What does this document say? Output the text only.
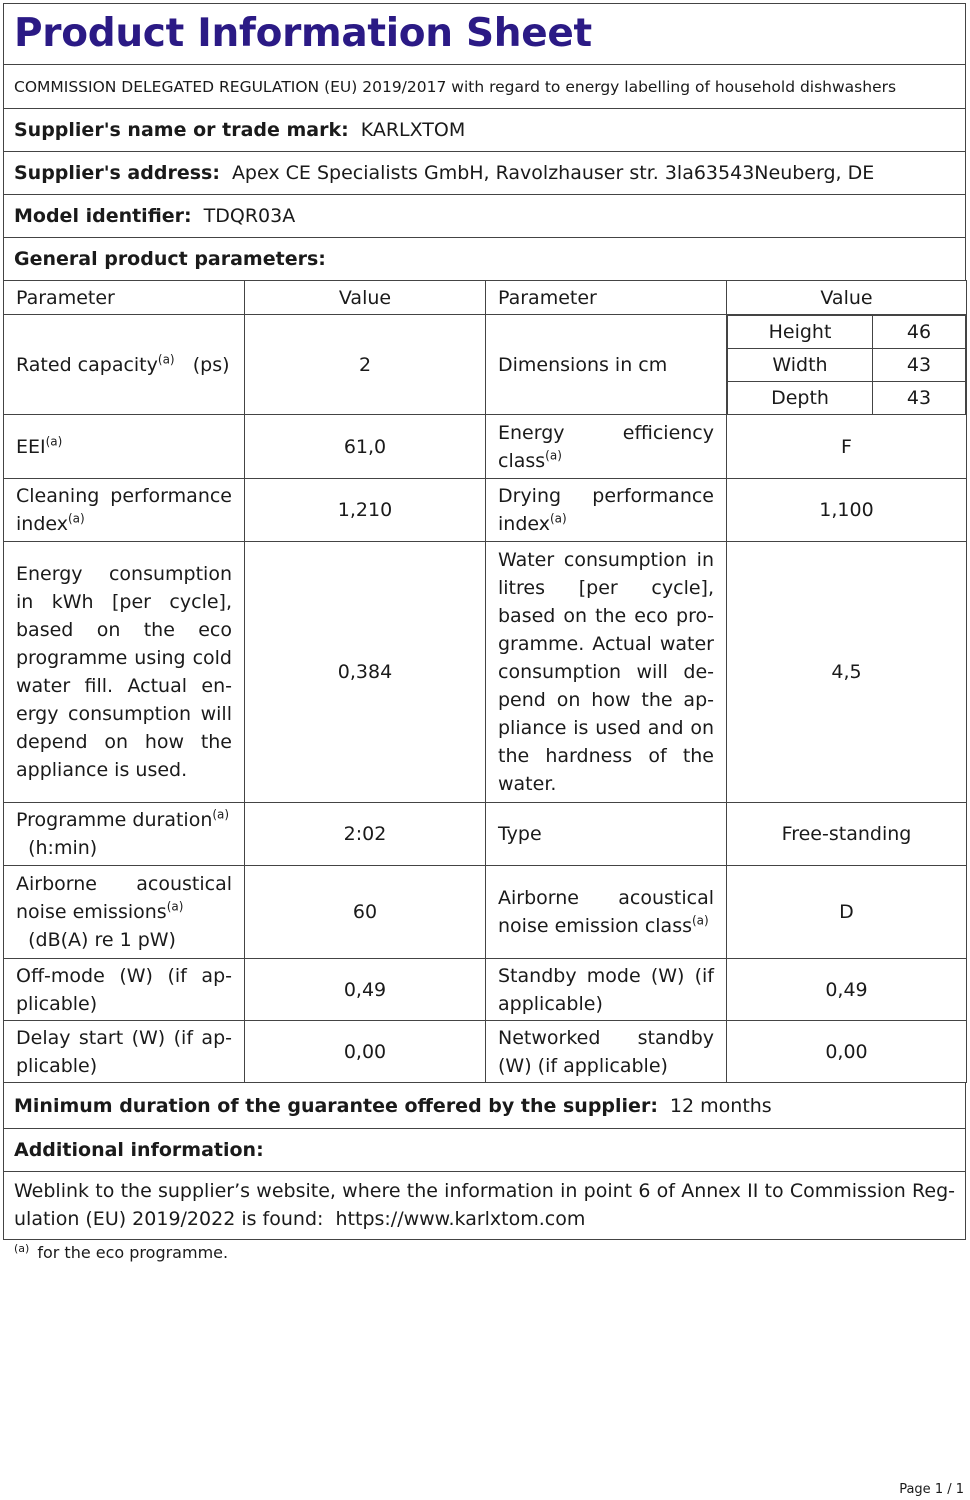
Product Information Sheet
COMMISSION DELEGATED REGULATION (EU) 2019/2017 with regard to energy labelling of household dishwashers
Supplier's name or trade mark: KARLXTOM
Supplier's address: Apex CE Specialists GmbH, Ravolzhauser str. 3la63543Neuberg, DE
Model identifier: TDQR03A
General product parameters:
Parameter	Value	Parameter	Value
Rated capacity$^{(a)}$ (ps)	2	Dimensions in cm	
Height	46
Width	43
Depth	43

EEI$^{(a)}$	61,0	Energy efficiency class$^{(a)}$	F
Cleaning performance index$^{(a)}$	1,210	Drying performance index$^{(a)}$	1,100
Energy consumption in kWh [per cycle], based on the eco programme using cold water fill. Actual energy consumption will depend on how the appliance is used.	0,384	Water consumption in litres [per cycle], based on the eco programme. Actual water consumption will depend on how the appliance is used and on the hardness of the water.	4,5
Programme duration$^{(a)}$
(h:min)	2:02	Type	Free-standing
Airborne acoustical noise emissions$^{(a)}$
(dB(A) re 1 pW)	60	Airborne acoustical noise emission class$^{(a)}$	D
Off-mode (W) (if applicable)	0,49	Standby mode (W) (if applicable)	0,49
Delay start (W) (if applicable)	0,00	Networked standby (W) (if applicable)	0,00
Minimum duration of the guarantee offered by the supplier: 12 months
Additional information:
Weblink to the supplier’s website, where the information in point 6 of Annex II to Commission Regulation (EU) 2019/2022 is found: https://www.karlxtom.com
$^{(a)}$ for the eco programme.
Page 1 / 1
